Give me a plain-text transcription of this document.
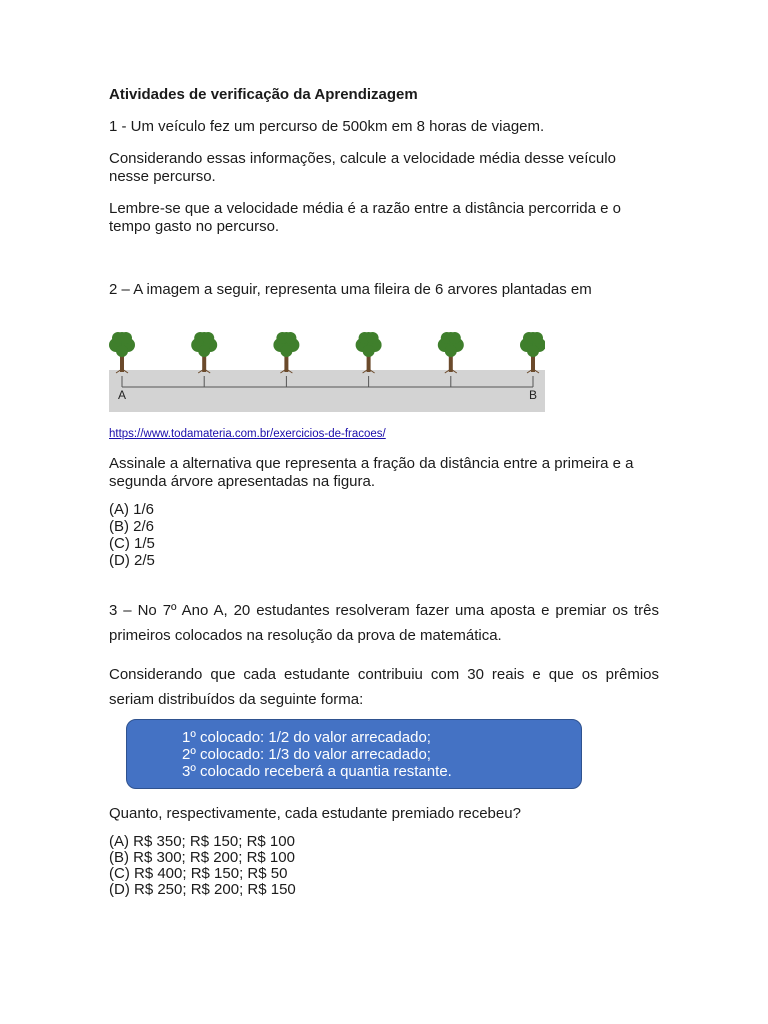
Atividades de verificação da Aprendizagem

1 - Um veículo fez um percurso de 500km em 8 horas de viagem.

Considerando essas informações, calcule a velocidade média desse veículo nesse percurso.

Lembre-se que a velocidade média é a razão entre a distância percorrida e o tempo gasto no percurso.

2 – A imagem a seguir, representa uma fileira de 6 arvores plantadas em

A	B
https://www.todamateria.com.br/exercicios-de-fracoes/

Assinale a alternativa que representa a fração da distância entre a primeira e a segunda árvore apresentadas na figura.

(A) 1/6
(B) 2/6
(C) 1/5
(D) 2/5

3 – No 7º Ano A, 20 estudantes resolveram fazer uma aposta e premiar os três

primeiros colocados na resolução da prova de matemática.

Considerando que cada estudante contribuiu com 30 reais e que os prêmios

seriam distribuídos da seguinte forma:

1º colocado: 1/2 do valor arrecadado;
2º colocado: 1/3 do valor arrecadado;
3º colocado receberá a quantia restante.

Quanto, respectivamente, cada estudante premiado recebeu?

(A) R$ 350; R$ 150; R$ 100
(B) R$ 300; R$ 200; R$ 100
(C) R$ 400; R$ 150; R$ 50
(D) R$ 250; R$ 200; R$ 150
